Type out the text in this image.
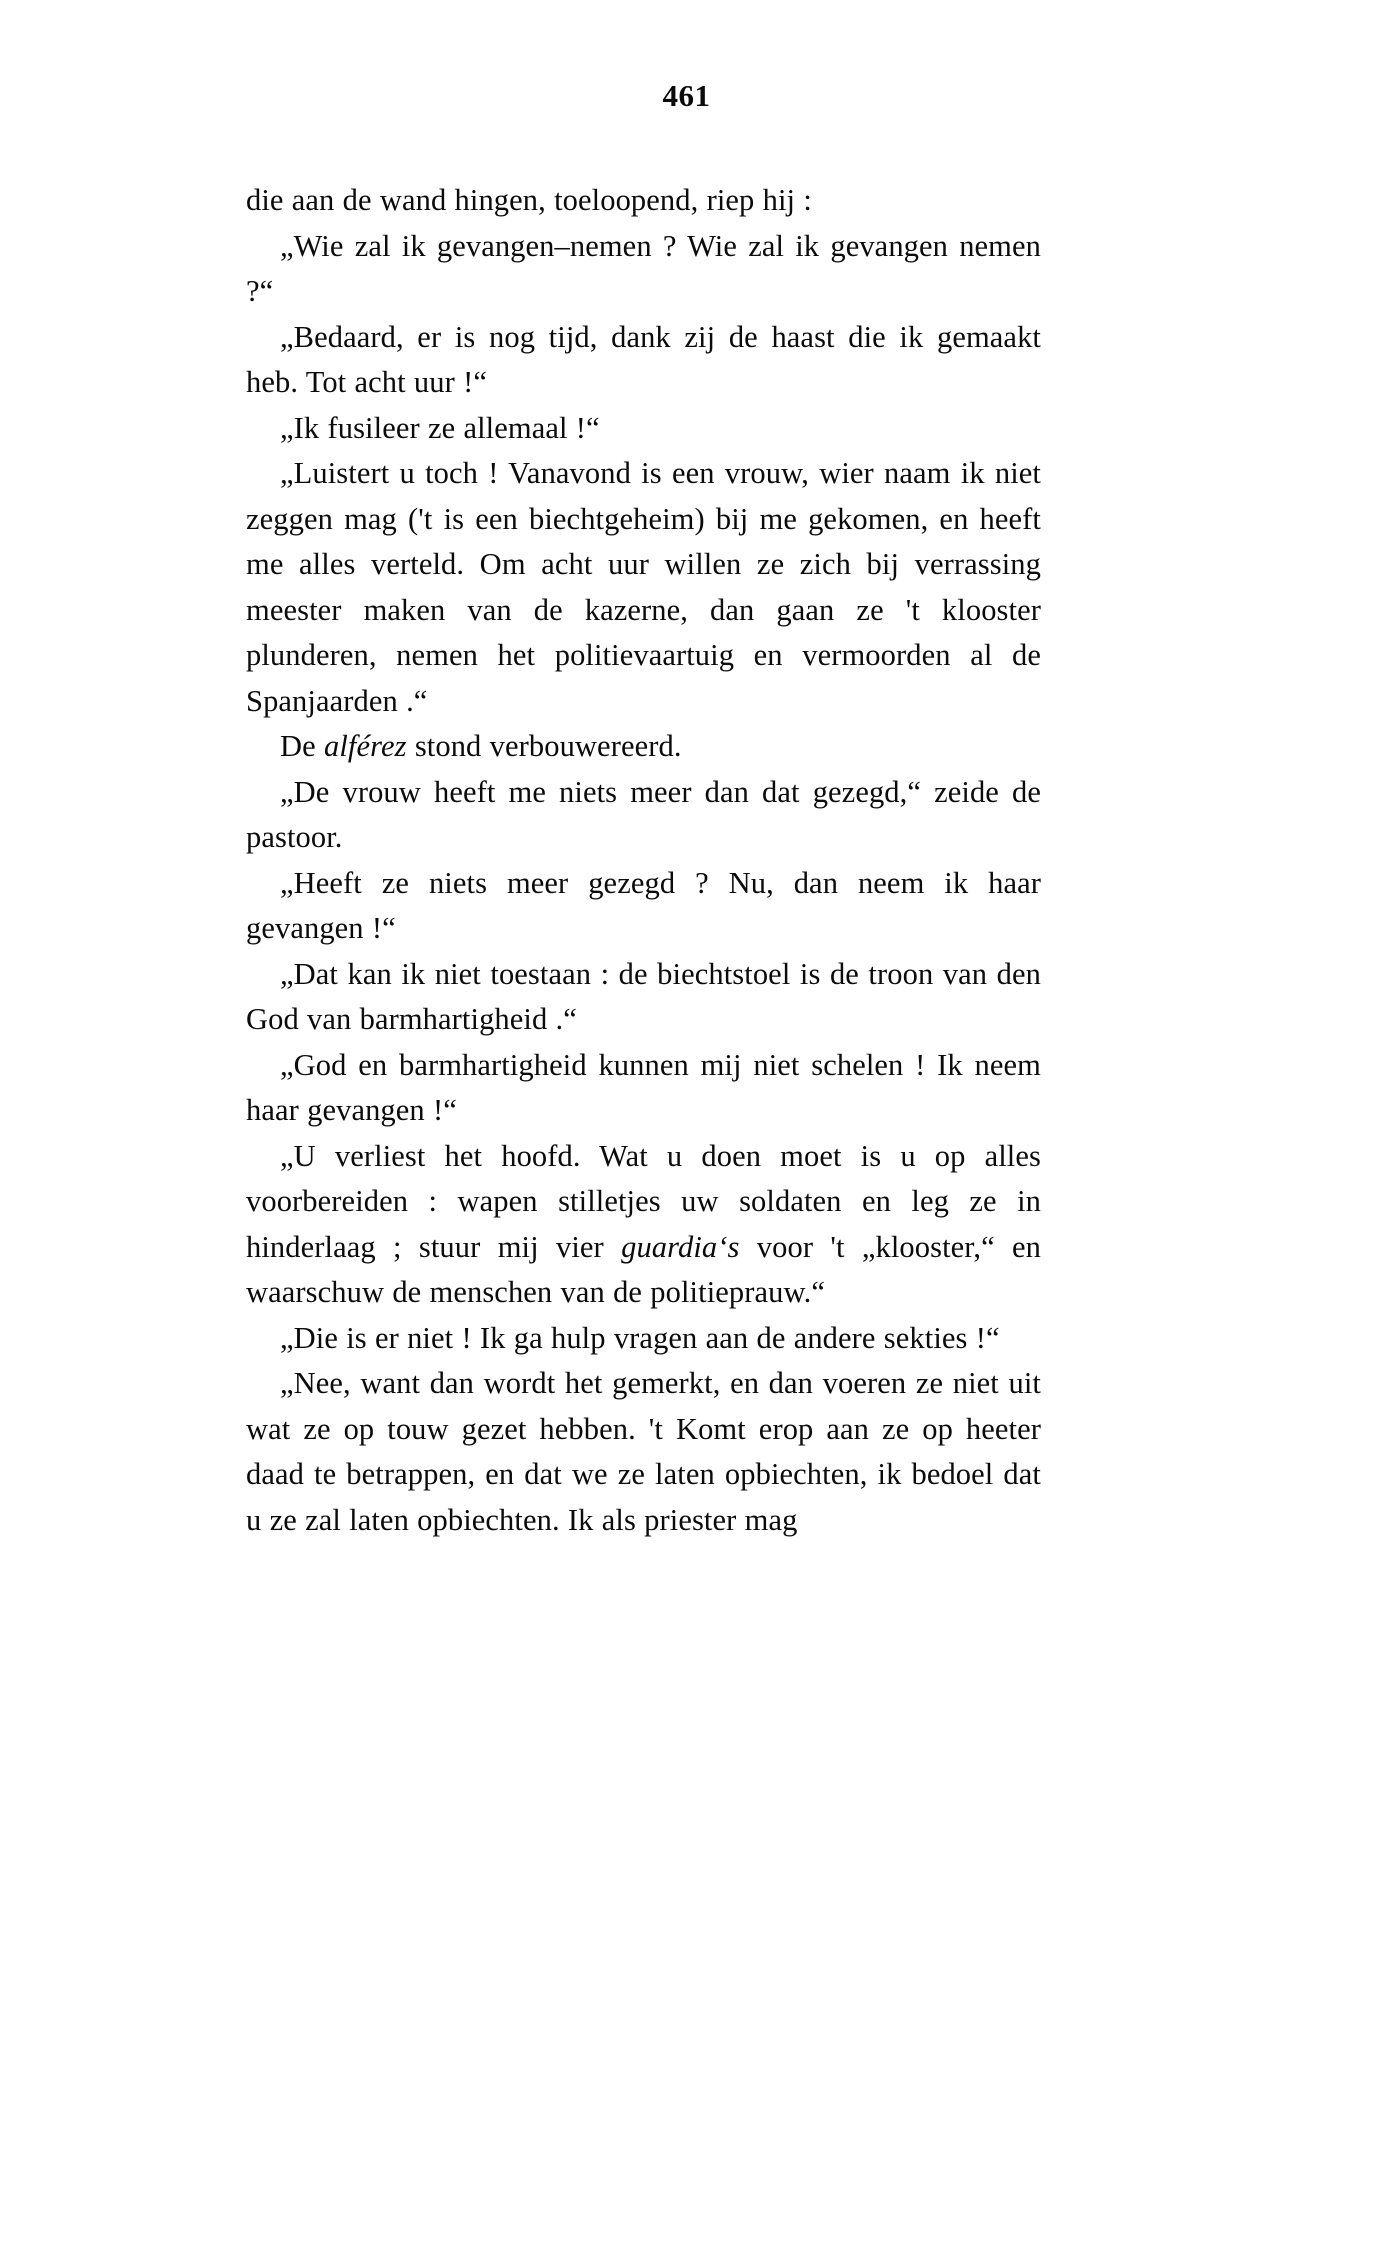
461

die aan de wand hingen, toeloopend, riep hij :

„Wie zal ik gevangen–nemen ? Wie zal ik gevangen nemen ?“

„Bedaard, er is nog tijd, dank zij de haast die ik gemaakt heb. Tot acht uur !“

„Ik fusileer ze allemaal !“

„Luistert u toch ! Vanavond is een vrouw, wier naam ik niet zeggen mag ('t is een biechtgeheim) bij me gekomen, en heeft me alles verteld. Om acht uur willen ze zich bij verrassing meester maken van de kazerne, dan gaan ze 't klooster plunderen, nemen het politievaartuig en vermoorden al de Spanjaarden .“

De alférez stond verbouwereerd.

„De vrouw heeft me niets meer dan dat gezegd,“ zeide de pastoor.

„Heeft ze niets meer gezegd ? Nu, dan neem ik haar gevangen !“

„Dat kan ik niet toestaan : de biechtstoel is de troon van den God van barmhartigheid .“

„God en barmhartigheid kunnen mij niet schelen ! Ik neem haar gevangen !“

„U verliest het hoofd. Wat u doen moet is u op alles voorbereiden : wapen stilletjes uw soldaten en leg ze in hinderlaag ; stuur mij vier guardia‘s voor 't „klooster,“ en waarschuw de menschen van de politieprauw.“

„Die is er niet ! Ik ga hulp vragen aan de andere sekties !“

„Nee, want dan wordt het gemerkt, en dan voeren ze niet uit wat ze op touw gezet hebben. 't Komt erop aan ze op heeter daad te betrappen, en dat we ze laten opbiechten, ik bedoel dat u ze zal laten opbiechten. Ik als priester mag
